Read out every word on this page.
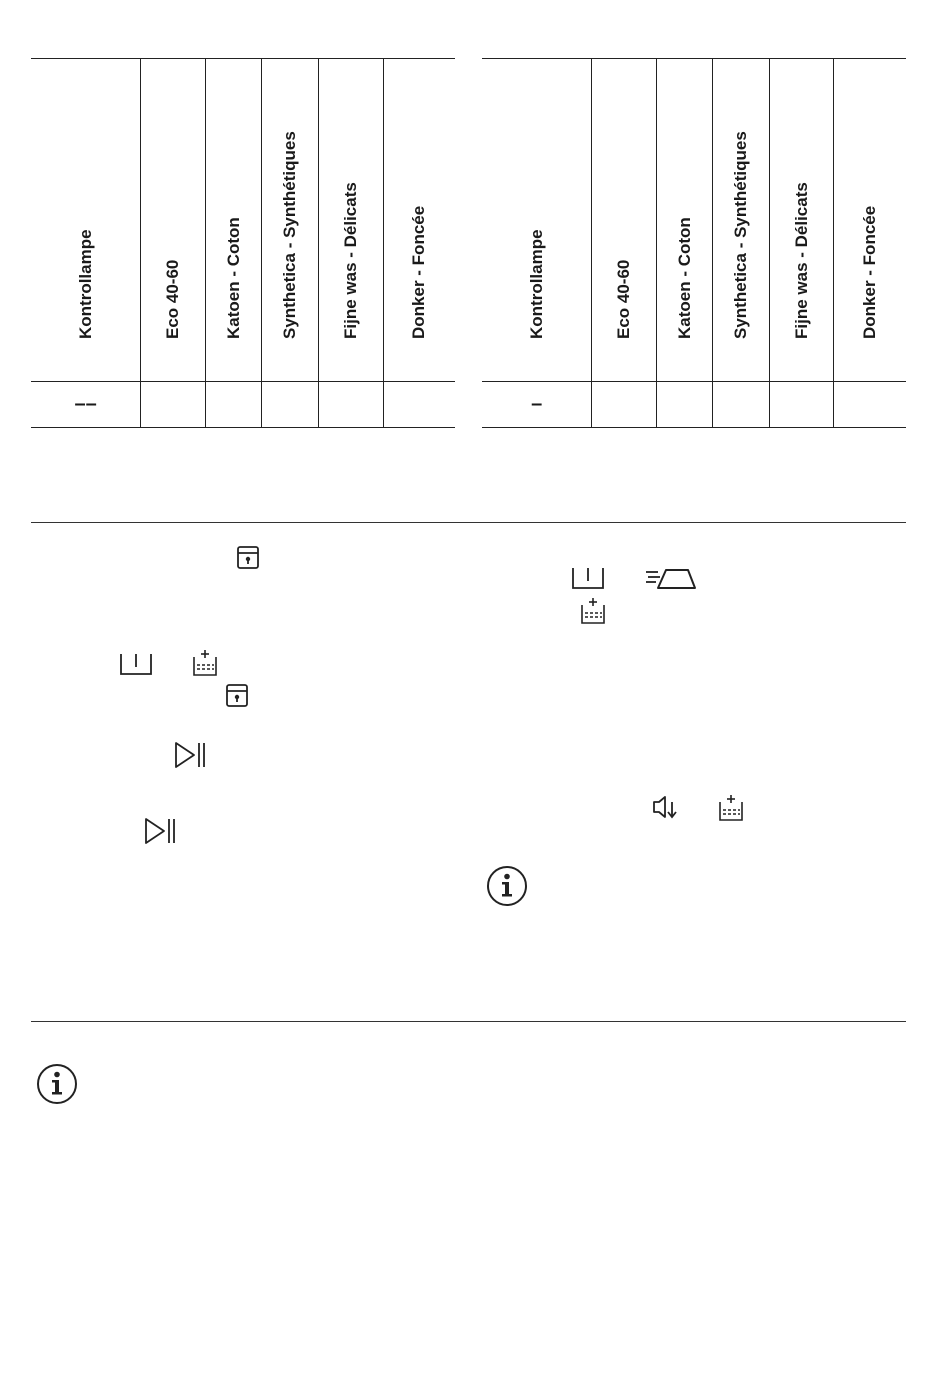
Kontrollampe	Eco 40-60	Katoen - Coton	Synthetica - Synthétiques	Fijne was - Délicats	Donker - Foncée

––					
Kontrollampe	Eco 40-60	Katoen - Coton	Synthetica - Synthétiques	Fijne was - Délicats	Donker - Foncée

–					
